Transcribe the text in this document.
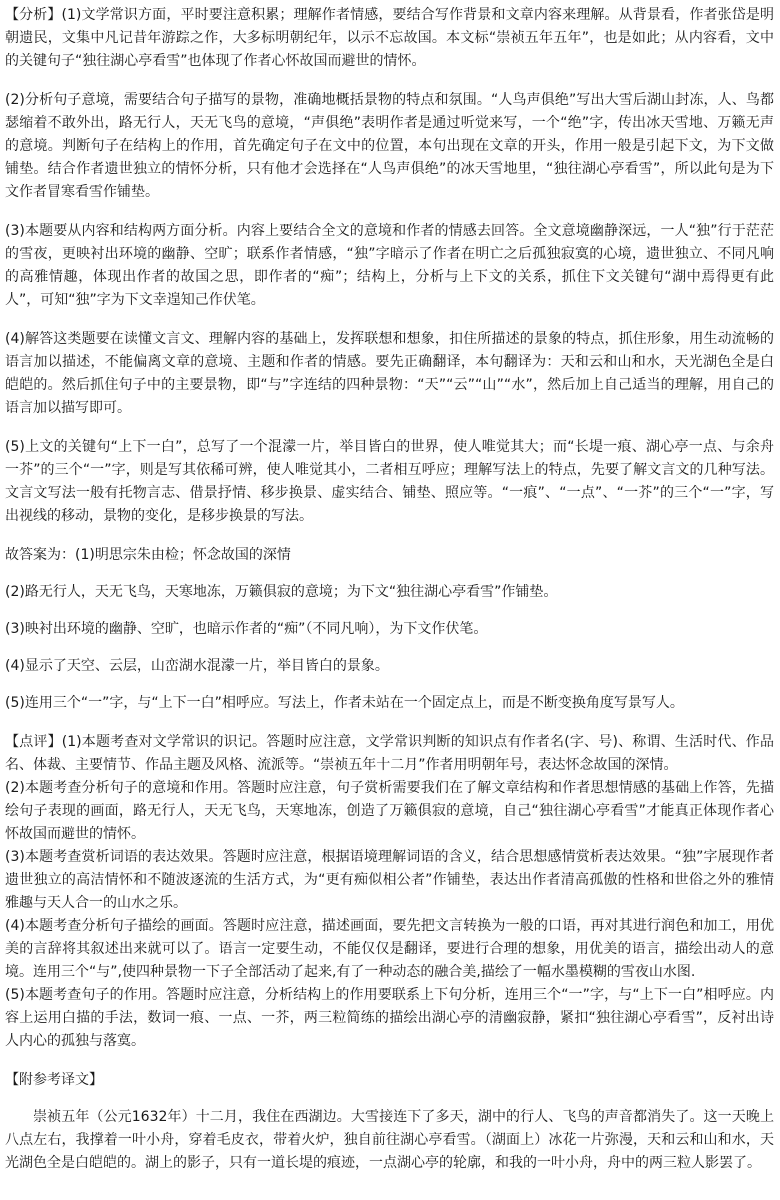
【分析】(1)文学常识方面，平时要注意积累；理解作者情感，要结合写作背景和文章内容来理解。从背景看，作者张岱是明朝遗民，文集中凡记昔年游踪之作，大多标明朝纪年，以示不忘故国。本文标“崇祯五年五年”，也是如此；从内容看，文中的关键句子“独往湖心亭看雪”也体现了作者心怀故国而避世的情怀。

(2)分析句子意境，需要结合句子描写的景物，准确地概括景物的特点和氛围。“人鸟声俱绝”写出大雪后湖山封冻，人、鸟都瑟缩着不敢外出，路无行人，天无飞鸟的意境，“声俱绝”表明作者是通过听觉来写，一个“绝”字，传出冰天雪地、万籁无声的意境。判断句子在结构上的作用，首先确定句子在文中的位置，本句出现在文章的开头，作用一般是引起下文，为下文做铺垫。结合作者遗世独立的情怀分析，只有他才会选择在“人鸟声俱绝”的冰天雪地里，“独往湖心亭看雪”，所以此句是为下文作者冒寒看雪作铺垫。

(3)本题要从内容和结构两方面分析。内容上要结合全文的意境和作者的情感去回答。全文意境幽静深远，一人“独”行于茫茫的雪夜，更映衬出环境的幽静、空旷；联系作者情感，“独”字暗示了作者在明亡之后孤独寂寞的心境，遗世独立、不同凡响的高雅情趣，体现出作者的故国之思，即作者的“痴”；结构上，分析与上下文的关系，抓住下文关键句“湖中焉得更有此人”，可知“独”字为下文幸遑知己作伏笔。

(4)解答这类题要在读懂文言文、理解内容的基础上，发挥联想和想象，扣住所描述的景象的特点，抓住形象，用生动流畅的语言加以描述，不能偏离文章的意境、主题和作者的情感。要先正确翻译，本句翻译为：天和云和山和水，天光湖色全是白皑皑的。然后抓住句子中的主要景物，即“与”字连结的四种景物：“天”“云”“山”“水”，然后加上自己适当的理解，用自己的语言加以描写即可。

(5)上文的关键句“上下一白”，总写了一个混濛一片，举目皆白的世界，使人唯觉其大；而“长堤一痕、湖心亭一点、与余舟一芥”的三个“一”字，则是写其依稀可辨，使人唯觉其小，二者相互呼应；理解写法上的特点，先要了解文言文的几种写法。文言文写法一般有托物言志、借景抒情、移步换景、虚实结合、铺垫、照应等。“一痕”、“一点”、“一芥”的三个“一”字，写出视线的移动，景物的变化，是移步换景的写法。

故答案为：(1)明思宗朱由检；怀念故国的深情

(2)路无行人，天无飞鸟，天寒地冻，万籁俱寂的意境；为下文“独往湖心亭看雪”作铺垫。

(3)映衬出环境的幽静、空旷，也暗示作者的“痴”（不同凡响），为下文作伏笔。

(4)显示了天空、云层，山峦湖水混濛一片，举目皆白的景象。

(5)连用三个“一”字，与“上下一白”相呼应。写法上，作者未站在一个固定点上，而是不断变换角度写景写人。

【点评】(1)本题考查对文学常识的识记。答题时应注意，文学常识判断的知识点有作者名(字、号)、称谓、生活时代、作品名、体裁、主要情节、作品主题及风格、流派等。“崇祯五年十二月”作者用明朝年号，表达怀念故国的深情。

(2)本题考查分析句子的意境和作用。答题时应注意，句子赏析需要我们在了解文章结构和作者思想情感的基础上作答，先描绘句子表现的画面，路无行人，天无飞鸟，天寒地冻，创造了万籁俱寂的意境，自己“独往湖心亭看雪”才能真正体现作者心怀故国而避世的情怀。

(3)本题考查赏析词语的表达效果。答题时应注意，根据语境理解词语的含义，结合思想感情赏析表达效果。“独”字展现作者遗世独立的高洁情怀和不随波逐流的生活方式，为“更有痴似相公者”作铺垫，表达出作者清高孤傲的性格和世俗之外的雅情雅趣与天人合一的山水之乐。

(4)本题考查分析句子描绘的画面。答题时应注意，描述画面，要先把文言转换为一般的口语，再对其进行润色和加工，用优美的言辞将其叙述出来就可以了。语言一定要生动，不能仅仅是翻译，要进行合理的想象，用优美的语言，描绘出动人的意境。连用三个“与”,使四种景物一下子全部活动了起来,有了一种动态的融合美,描绘了一幅水墨模糊的雪夜山水图.

(5)本题考查句子的作用。答题时应注意，分析结构上的作用要联系上下句分析，连用三个“一”字，与“上下一白”相呼应。内容上运用白描的手法，数词一痕、一点、一芥，两三粒简练的描绘出湖心亭的清幽寂静，紧扣“独往湖心亭看雪”，反衬出诗人内心的孤独与落寞。

【附参考译文】

崇祯五年（公元1632年）十二月，我住在西湖边。大雪接连下了多天，湖中的行人、飞鸟的声音都消失了。这一天晚上八点左右，我撑着一叶小舟，穿着毛皮衣，带着火炉，独自前往湖心亭看雪。（湖面上）冰花一片弥漫，天和云和山和水，天光湖色全是白皑皑的。湖上的影子，只有一道长堤的痕迹，一点湖心亭的轮廓，和我的一叶小舟，舟中的两三粒人影罢了。
